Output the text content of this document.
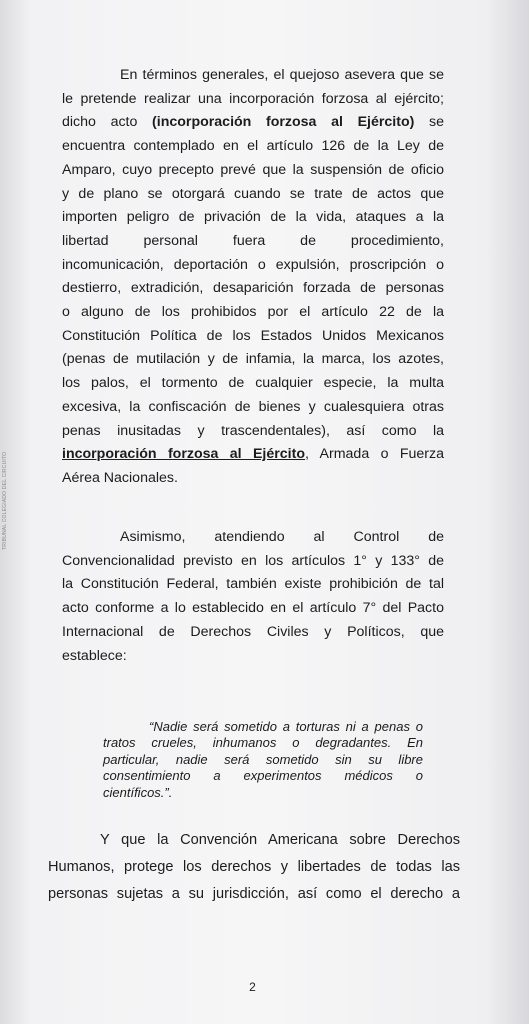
TRIBUNAL COLEGIADO DEL CIRCUITO
En términos generales, el quejoso asevera que se
le pretende realizar una incorporación forzosa al ejército;
dicho acto (incorporación forzosa al Ejército) se
encuentra contemplado en el artículo 126 de la Ley de
Amparo, cuyo precepto prevé que la suspensión de oficio
y de plano se otorgará cuando se trate de actos que
importen peligro de privación de la vida, ataques a la
libertad personal fuera de procedimiento,
incomunicación, deportación o expulsión, proscripción o
destierro, extradición, desaparición forzada de personas
o alguno de los prohibidos por el artículo 22 de la
Constitución Política de los Estados Unidos Mexicanos
(penas de mutilación y de infamia, la marca, los azotes,
los palos, el tormento de cualquier especie, la multa
excesiva, la confiscación de bienes y cualesquiera otras
penas inusitadas y trascendentales), así como la
incorporación forzosa al Ejército, Armada o Fuerza
Aérea Nacionales.
Asimismo, atendiendo al Control de
Convencionalidad previsto en los artículos 1° y 133° de
la Constitución Federal, también existe prohibición de tal
acto conforme a lo establecido en el artículo 7° del Pacto
Internacional de Derechos Civiles y Políticos, que
establece:
“Nadie será sometido a torturas ni a penas o
tratos crueles, inhumanos o degradantes. En
particular, nadie será sometido sin su libre
consentimiento a experimentos médicos o
científicos.”.
Y que la Convención Americana sobre Derechos
Humanos, protege los derechos y libertades de todas las
personas sujetas a su jurisdicción, así como el derecho a
2
